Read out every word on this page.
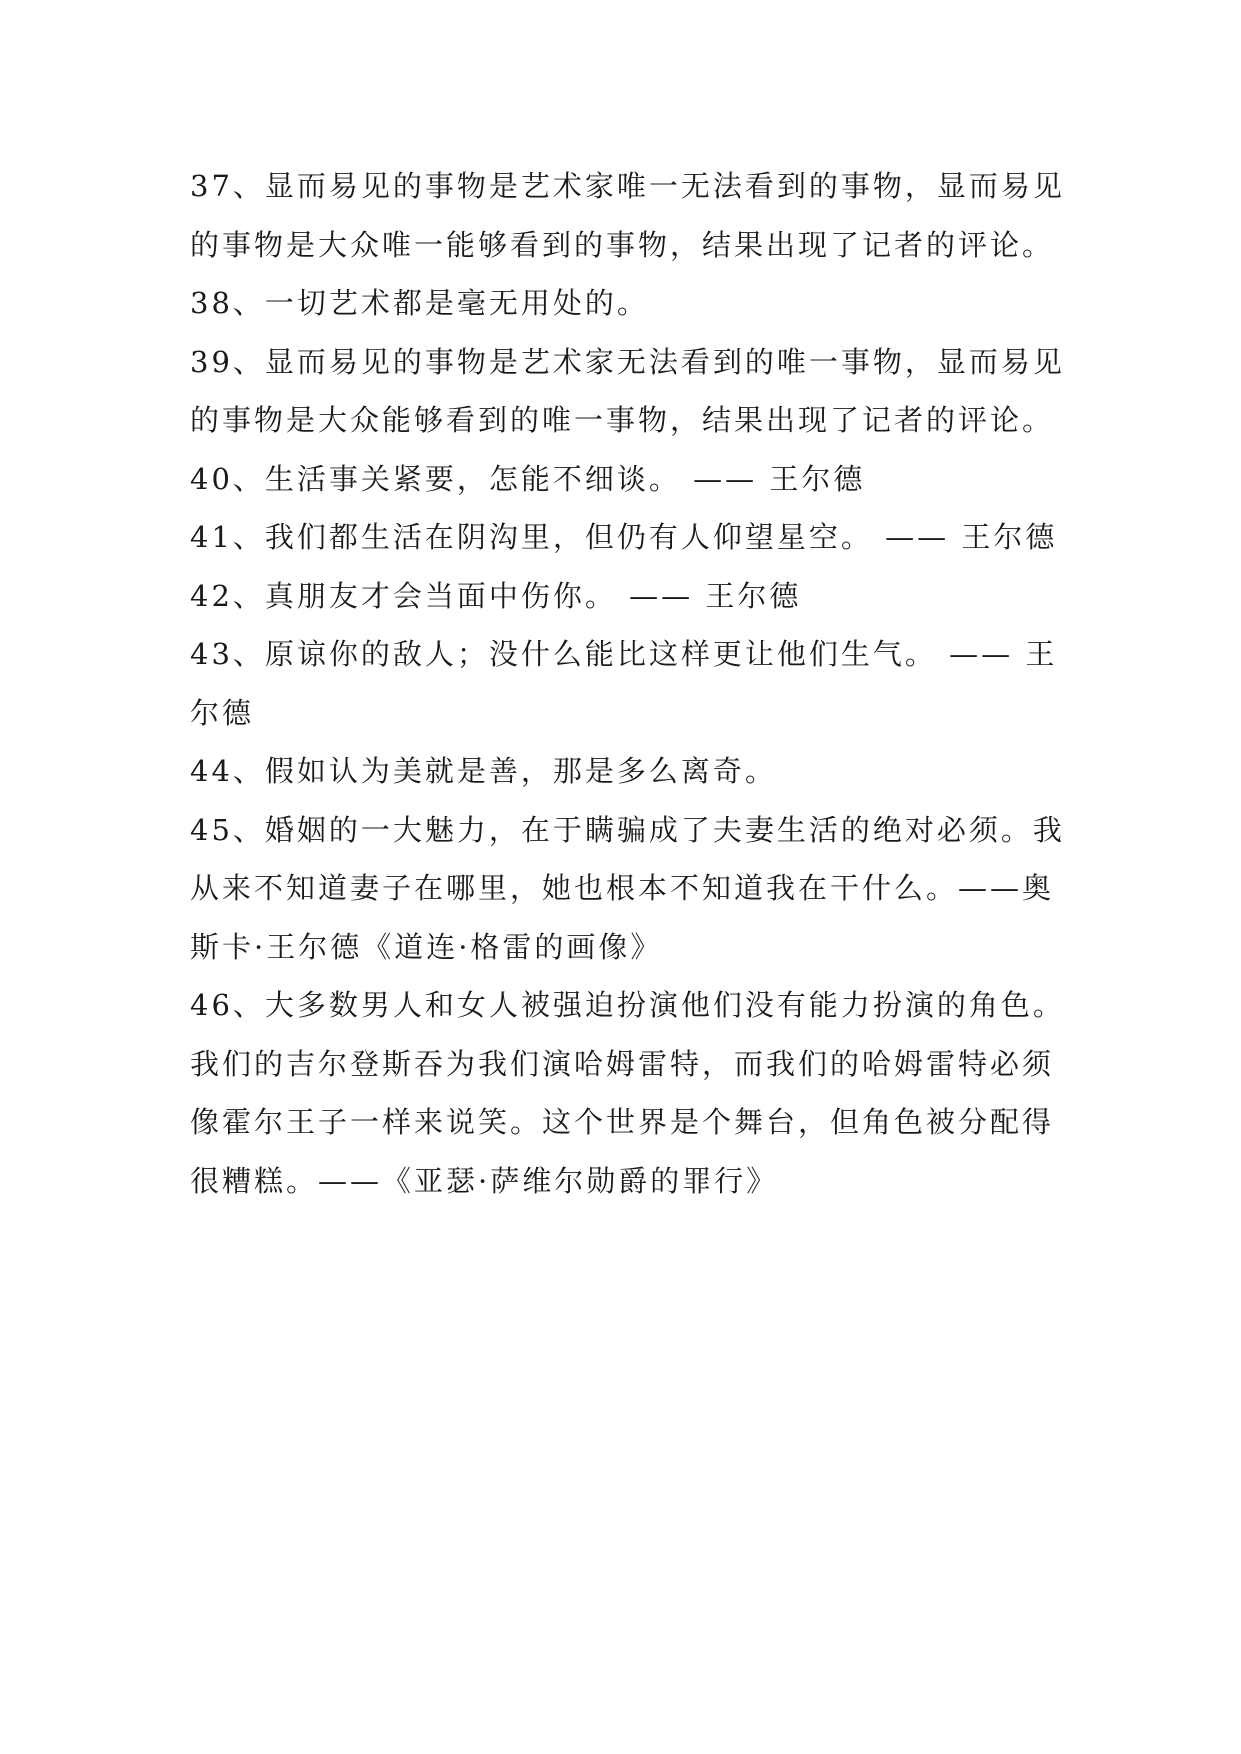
37、显而易见的事物是艺术家唯一无法看到的事物，显而易见的事物是大众唯一能够看到的事物，结果出现了记者的评论。

38、一切艺术都是毫无用处的。

39、显而易见的事物是艺术家无法看到的唯一事物，显而易见的事物是大众能够看到的唯一事物，结果出现了记者的评论。

40、生活事关紧要，怎能不细谈。 —— 王尔德

41、我们都生活在阴沟里，但仍有人仰望星空。 —— 王尔德

42、真朋友才会当面中伤你。 —— 王尔德

43、原谅你的敌人；没什么能比这样更让他们生气。 —— 王尔德

44、假如认为美就是善，那是多么离奇。

45、婚姻的一大魅力，在于瞒骗成了夫妻生活的绝对必须。我从来不知道妻子在哪里，她也根本不知道我在干什么。——奥斯卡·王尔德《道连·格雷的画像》

46、大多数男人和女人被强迫扮演他们没有能力扮演的角色。我们的吉尔登斯吞为我们演哈姆雷特，而我们的哈姆雷特必须像霍尔王子一样来说笑。这个世界是个舞台，但角色被分配得很糟糕。——《亚瑟·萨维尔勋爵的罪行》
